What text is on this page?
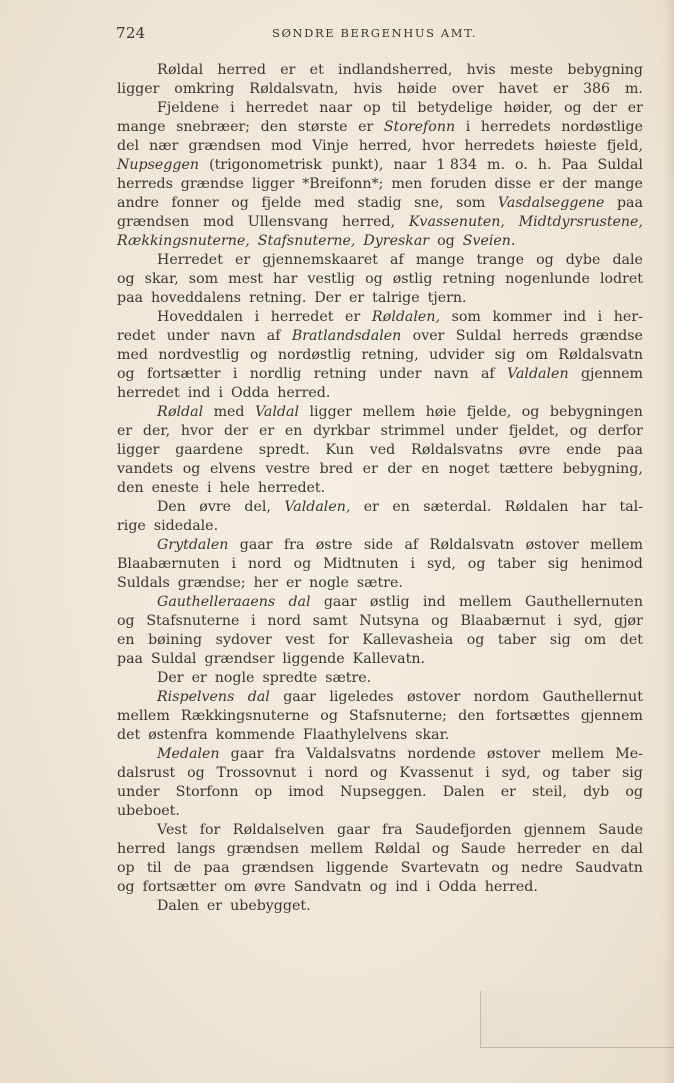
724	SØNDRE BERGENHUS AMT.
Røldal herred er et indlandsherred, hvis meste bebygning
ligger omkring Røldalsvatn, hvis høide over havet er 386 m.
Fjeldene i herredet naar op til betydelige høider, og der er
mange snebræer; den største er Storefonn i herredets nordøstlige
del nær grændsen mod Vinje herred, hvor herredets høieste fjeld,
Nupseggen (trigonometrisk punkt), naar 1 834 m. o. h. Paa Suldal
herreds grændse ligger *Breifonn*; men foruden disse er der mange
andre fonner og fjelde med stadig sne, som Vasdalseggene paa
grændsen mod Ullensvang herred, Kvassenuten, Midtdyrsrustene,
Rækkingsnuterne, Stafsnuterne, Dyreskar og Sveien.
Herredet er gjennemskaaret af mange trange og dybe dale
og skar, som mest har vestlig og østlig retning nogenlunde lodret
paa hoveddalens retning. Der er talrige tjern.
Hoveddalen i herredet er Røldalen, som kommer ind i her-
redet under navn af Bratlandsdalen over Suldal herreds grændse
med nordvestlig og nordøstlig retning, udvider sig om Røldalsvatn
og fortsætter i nordlig retning under navn af Valdalen gjennem
herredet ind i Odda herred.
Røldal med Valdal ligger mellem høie fjelde, og bebygningen
er der, hvor der er en dyrkbar strimmel under fjeldet, og derfor
ligger gaardene spredt. Kun ved Røldalsvatns øvre ende paa
vandets og elvens vestre bred er der en noget tættere bebygning,
den eneste i hele herredet.
Den øvre del, Valdalen, er en sæterdal. Røldalen har tal-
rige sidedale.
Grytdalen gaar fra østre side af Røldalsvatn østover mellem
Blaabærnuten i nord og Midtnuten i syd, og taber sig henimod
Suldals grændse; her er nogle sætre.
Gauthelleraaens dal gaar østlig ind mellem Gauthellernuten
og Stafsnuterne i nord samt Nutsyna og Blaabærnut i syd, gjør
en bøining sydover vest for Kallevasheia og taber sig om det
paa Suldal grændser liggende Kallevatn.
Der er nogle spredte sætre.
Rispelvens dal gaar ligeledes østover nordom Gauthellernut
mellem Rækkingsnuterne og Stafsnuterne; den fortsættes gjennem
det østenfra kommende Flaathylelvens skar.
Medalen gaar fra Valdalsvatns nordende østover mellem Me-
dalsrust og Trossovnut i nord og Kvassenut i syd, og taber sig
under Storfonn op imod Nupseggen. Dalen er steil, dyb og
ubeboet.
Vest for Røldalselven gaar fra Saudefjorden gjennem Saude
herred langs grændsen mellem Røldal og Saude herreder en dal
op til de paa grændsen liggende Svartevatn og nedre Saudvatn
og fortsætter om øvre Sandvatn og ind i Odda herred.
Dalen er ubebygget.
